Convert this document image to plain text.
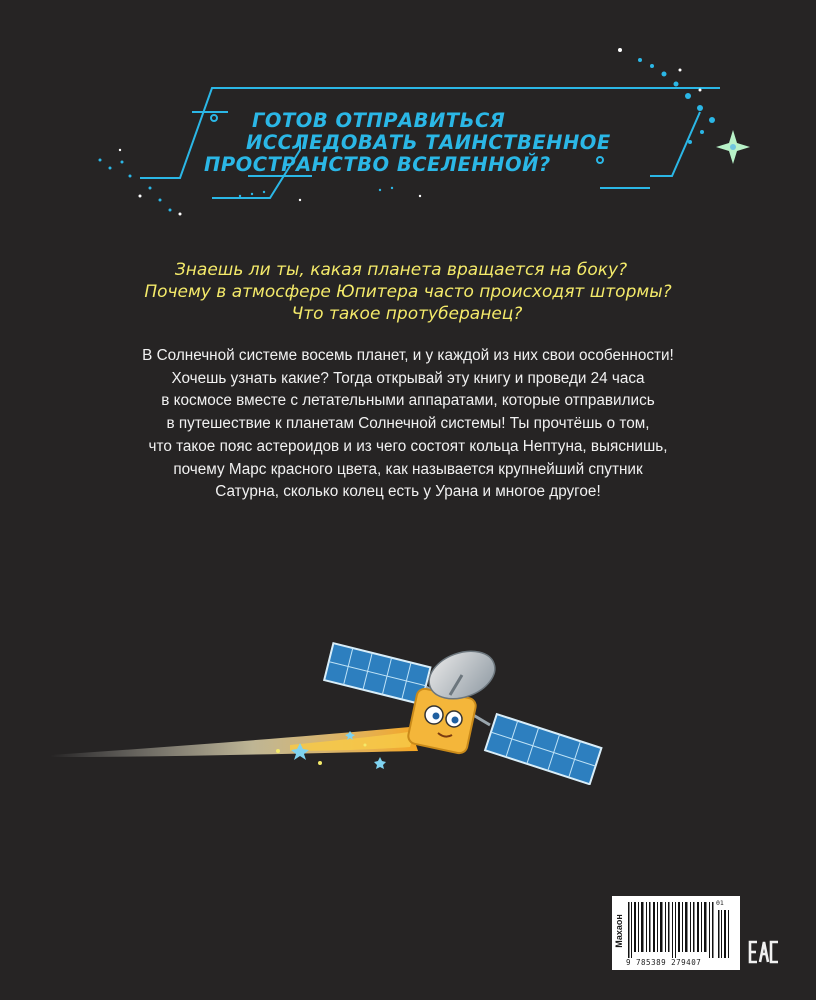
ГОТОВ ОТПРАВИТЬСЯ
ИССЛЕДОВАТЬ ТАИНСТВЕННОЕ
ПРОСТРАНСТВО ВСЕЛЕННОЙ?
Знаешь ли ты, какая планета вращается на боку?
Почему в атмосфере Юпитера часто происходят штормы?
Что такое протуберанец?
В Солнечной системе восемь планет, и у каждой из них свои особенности!
Хочешь узнать какие? Тогда открывай эту книгу и проведи 24 часа
в космосе вместе с летательными аппаратами, которые отправились
в путешествие к планетам Солнечной системы! Ты прочтёшь о том,
что такое пояс астероидов и из чего состоят кольца Нептуна, выяснишь,
почему Марс красного цвета, как называется крупнейший спутник
Сатурна, сколько колец есть у Урана и многое другое!
Махаон
01
9 785389 279407
